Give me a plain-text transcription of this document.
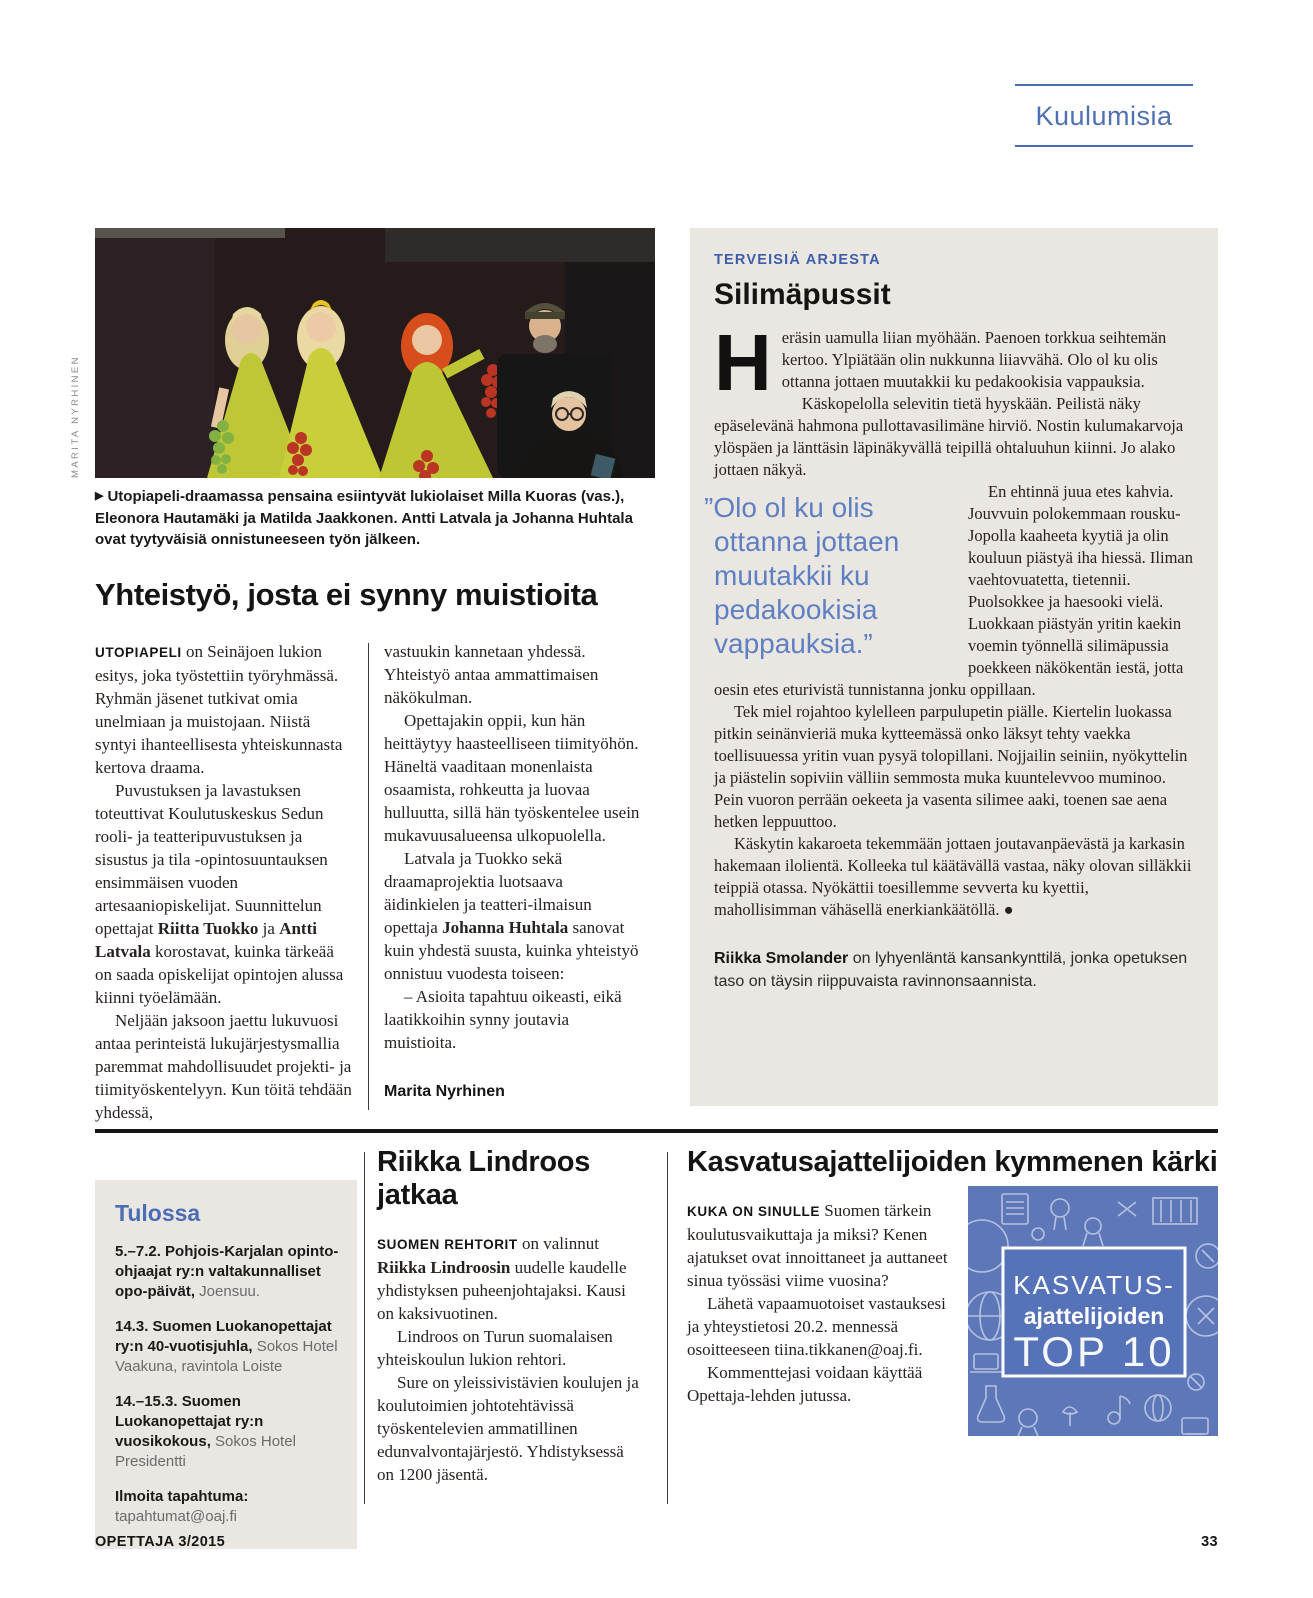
Kuulumisia
MARITA NYRHINEN

▶ Utopiapeli-draamassa pensaina esiintyvät lukiolaiset Milla Kuoras (vas.), Eleonora Hautamäki ja Matilda Jaakkonen. Antti Latvala ja Johanna Huhtala ovat tyytyväisiä onnistuneeseen työn jälkeen.

Yhteistyö, josta ei synny muistioita

UTOPIAPELI on Seinäjoen lukion esitys, joka työstettiin työryhmässä. Ryhmän jäsenet tutkivat omia unelmiaan ja muistojaan. Niistä syntyi ihanteellisesta yhteiskunnasta kertova draama.

Puvustuksen ja lavastuksen toteuttivat Koulutuskeskus Sedun rooli- ja teatteripuvustuksen ja sisustus ja tila -opintosuuntauksen ensimmäisen vuoden artesaaniopiskelijat. Suunnittelun opettajat Riitta Tuokko ja Antti Latvala korostavat, kuinka tärkeää on saada opiskelijat opintojen alussa kiinni työelämään.

Neljään jaksoon jaettu lukuvuosi antaa perinteistä lukujärjestysmallia paremmat mahdollisuudet projekti- ja tiimityöskentelyyn. Kun töitä tehdään yhdessä,

vastuukin kannetaan yhdessä. Yhteistyö antaa ammattimaisen näkökulman.

Opettajakin oppii, kun hän heittäytyy haasteelliseen tiimityöhön. Häneltä vaaditaan monenlaista osaamista, rohkeutta ja luovaa hulluutta, sillä hän työskentelee usein mukavuusalueensa ulkopuolella.

Latvala ja Tuokko sekä draamaprojektia luotsaava äidinkielen ja teatteri-ilmaisun opettaja Johanna Huhtala sanovat kuin yhdestä suusta, kuinka yhteistyö onnistuu vuodesta toiseen:

– Asioita tapahtuu oikeasti, eikä laatikkoihin synny joutavia muistioita.

Marita Nyrhinen

TERVEISIÄ ARJESTA
Silimäpussit

Heräsin uamulla liian myöhään. Paenoen torkkua seihtemän kertoo. Ylpiätään olin nukkunna liiavvähä. Olo ol ku olis ottanna jottaen muutakkii ku pedakookisia vappauksia.

Käskopelolla selevitin tietä hyyskään. Peilistä näky epäselevänä hahmona pullottavasilimäne hirviö. Nostin kulumakarvoja ylöspäen ja länttäsin läpinäkyvällä teipillä ohtaluuhun kiinni. Jo alako jottaen näkyä.

”Olo ol ku olis ottanna jottaen muutakkii ku pedakookisia vappauksia.”

En ehtinnä juua etes kahvia. Jouvvuin polokemmaan rousku-Jopolla kaaheeta kyytiä ja olin kouluun piästyä iha hiessä. Iliman vaehtovuatetta, tietennii. Puolsokkee ja haesooki vielä. Luokkaan piästyän yritin kaekin voemin työnnellä silimäpussia poekkeen näkökentän iestä, jotta oesin etes eturivistä tunnistanna jonku oppillaan.

Tek miel rojahtoo kylelleen parpulupetin piälle. Kiertelin luokassa pitkin seinänvieriä muka kytteemässä onko läksyt tehty vaekka toellisuuessa yritin vuan pysyä tolopillani. Nojjailin seiniin, nyökyttelin ja piästelin sopiviin välliin semmosta muka kuuntelevvoo muminoo. Pein vuoron perrään oekeeta ja vasenta silimee aaki, toenen sae aena hetken leppuuttoo.

Käskytin kakaroeta tekemmään jottaen joutavanpäevästä ja karkasin hakemaan ilolientä. Kolleeka tul käätävällä vastaa, näky olovan silläkkii teippiä otassa. Nyökättii toesillemme sevverta ku kyettii, mahollisimman vähäsellä enerkiankäätöllä. ●

Riikka Smolander on lyhyenläntä kansankynttilä, jonka opetuksen taso on täysin riippuvaista ravinnonsaannista.
Tulossa
5.–7.2. Pohjois-Karjalan opinto-ohjaajat ry:n valtakunnalliset opo-päivät, Joensuu.
14.3. Suomen Luokanopettajat ry:n 40-vuotisjuhla, Sokos Hotel Vaakuna, ravintola Loiste
14.–15.3. Suomen Luokanopettajat ry:n vuosikokous, Sokos Hotel Presidentti
Ilmoita tapahtuma:
tapahtumat@oaj.fi
Riikka Lindroos jatkaa

SUOMEN REHTORIT on valinnut Riikka Lindroosin uudelle kaudelle yhdistyksen puheenjohtajaksi. Kausi on kaksivuotinen.

Lindroos on Turun suomalaisen yhteiskoulun lukion rehtori.

Sure on yleissivistävien koulujen ja koulutoimien johtotehtävissä työskentelevien ammatillinen edunvalvontajärjestö. Yhdistyksessä on 1200 jäsentä.

Kasvatusajattelijoiden kymmenen kärki

KUKA ON SINULLE Suomen tärkein koulutusvaikuttaja ja miksi? Kenen ajatukset ovat innoittaneet ja auttaneet sinua työssäsi viime vuosina?

Lähetä vapaamuotoiset vastauksesi ja yhteystietosi 20.2. mennessä osoitteeseen tiina.tikkanen@oaj.fi.

Kommenttejasi voidaan käyttää Opettaja-lehden jutussa.

KASVATUS-
ajattelijoiden
TOP 10
OPETTAJA 3/2015	33
